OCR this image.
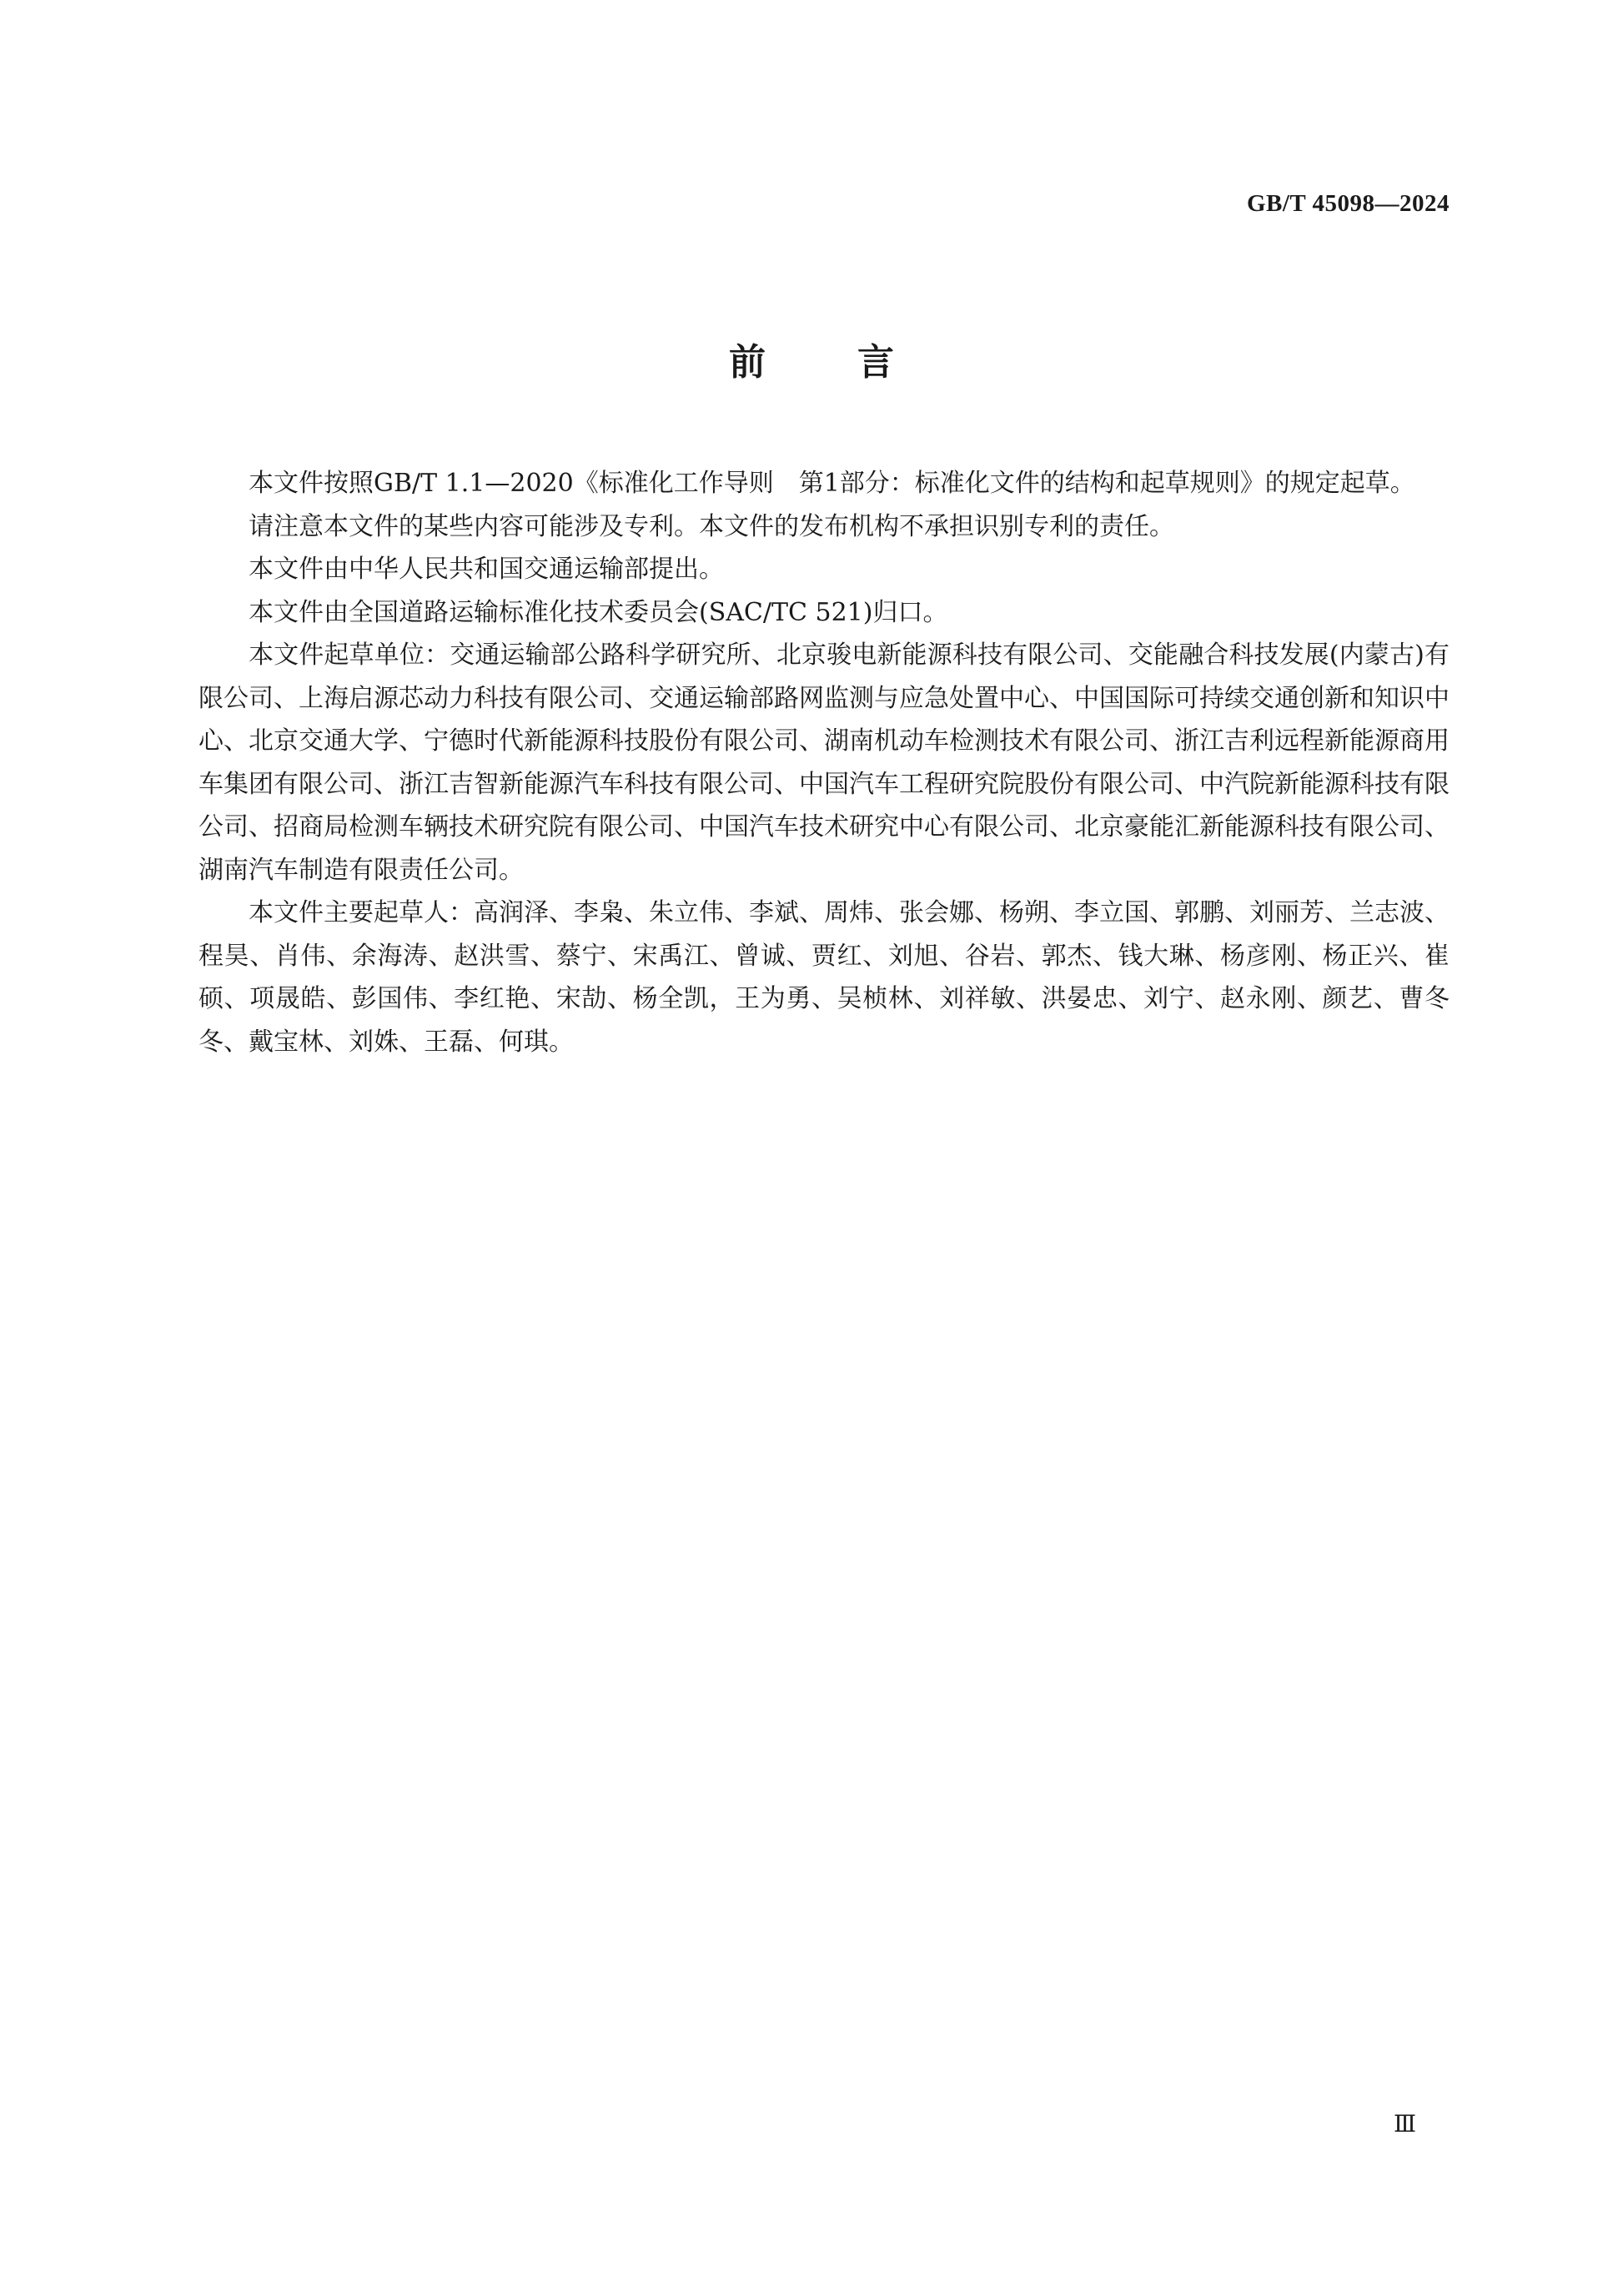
GB/T 45098—2024
前言

本文件按照GB/T 1.1—2020《标准化工作导则　第1部分：标准化文件的结构和起草规则》的规定起草。

请注意本文件的某些内容可能涉及专利。本文件的发布机构不承担识别专利的责任。

本文件由中华人民共和国交通运输部提出。

本文件由全国道路运输标准化技术委员会(SAC/TC 521)归口。

本文件起草单位：交通运输部公路科学研究所、北京骏电新能源科技有限公司、交能融合科技发展(内蒙古)有限公司、上海启源芯动力科技有限公司、交通运输部路网监测与应急处置中心、中国国际可持续交通创新和知识中心、北京交通大学、宁德时代新能源科技股份有限公司、湖南机动车检测技术有限公司、浙江吉利远程新能源商用车集团有限公司、浙江吉智新能源汽车科技有限公司、中国汽车工程研究院股份有限公司、中汽院新能源科技有限公司、招商局检测车辆技术研究院有限公司、中国汽车技术研究中心有限公司、北京豪能汇新能源科技有限公司、湖南汽车制造有限责任公司。

本文件主要起草人：高润泽、李枭、朱立伟、李斌、周炜、张会娜、杨朔、李立国、郭鹏、刘丽芳、兰志波、程昊、肖伟、余海涛、赵洪雪、蔡宁、宋禹江、曾诚、贾红、刘旭、谷岩、郭杰、钱大琳、杨彦刚、杨正兴、崔硕、项晟皓、彭国伟、李红艳、宋劼、杨全凯，王为勇、吴桢林、刘祥敏、洪晏忠、刘宁、赵永刚、颜艺、曹冬冬、戴宝林、刘姝、王磊、何琪。

Ⅲ
